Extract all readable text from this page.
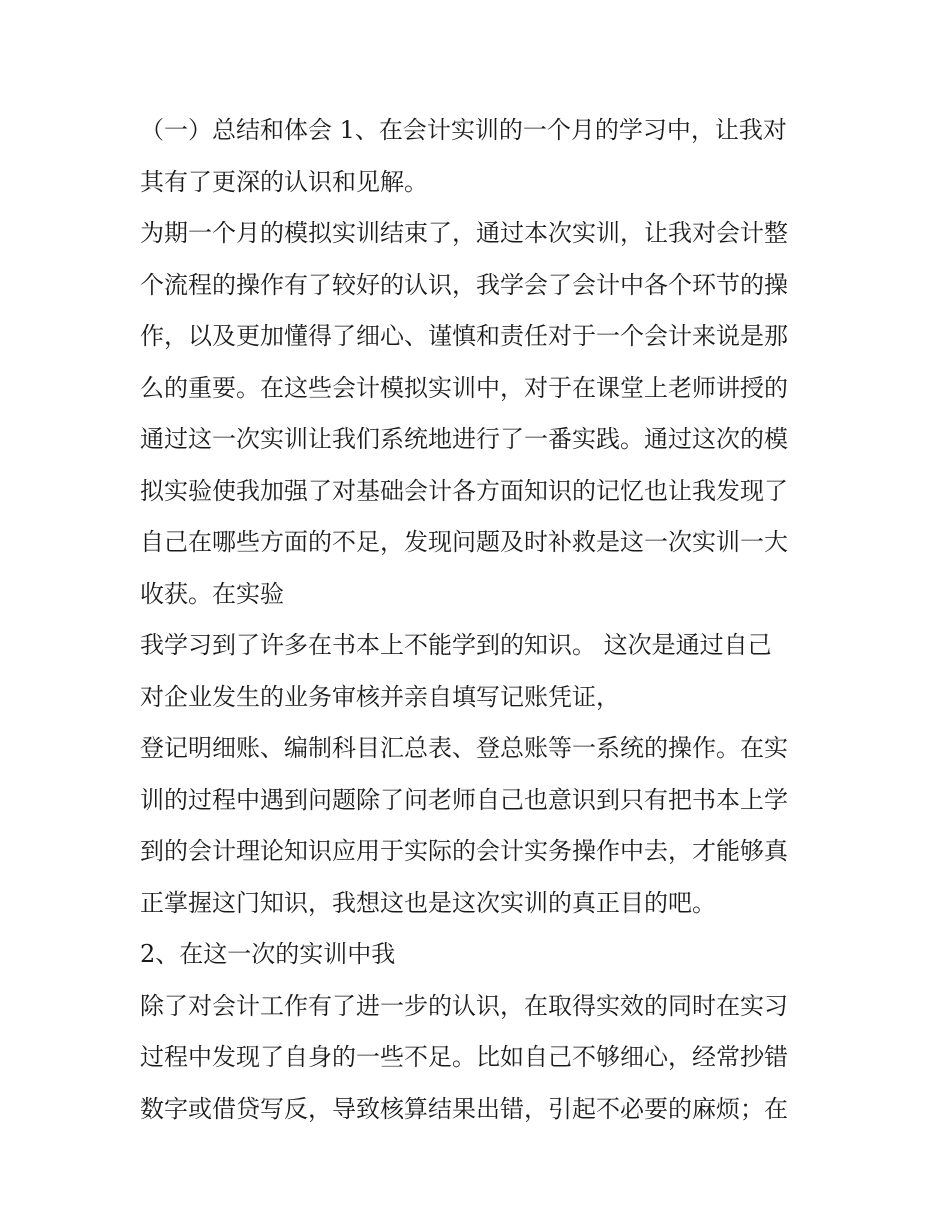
（一）总结和体会 1、在会计实训的一个月的学习中，让我对
其有了更深的认识和见解。
为期一个月的模拟实训结束了，通过本次实训，让我对会计整
个流程的操作有了较好的认识，我学会了会计中各个环节的操
作，以及更加懂得了细心、谨慎和责任对于一个会计来说是那
么的重要。在这些会计模拟实训中，对于在课堂上老师讲授的
通过这一次实训让我们系统地进行了一番实践。通过这次的模
拟实验使我加强了对基础会计各方面知识的记忆也让我发现了
自己在哪些方面的不足，发现问题及时补救是这一次实训一大
收获。在实验
我学习到了许多在书本上不能学到的知识。 这次是通过自己
对企业发生的业务审核并亲自填写记账凭证，
登记明细账、编制科目汇总表、登总账等一系统的操作。在实
训的过程中遇到问题除了问老师自己也意识到只有把书本上学
到的会计理论知识应用于实际的会计实务操作中去，才能够真
正掌握这门知识，我想这也是这次实训的真正目的吧。
2、在这一次的实训中我
除了对会计工作有了进一步的认识，在取得实效的同时在实习
过程中发现了自身的一些不足。比如自己不够细心，经常抄错
数字或借贷写反，导致核算结果出错，引起不必要的麻烦；在
